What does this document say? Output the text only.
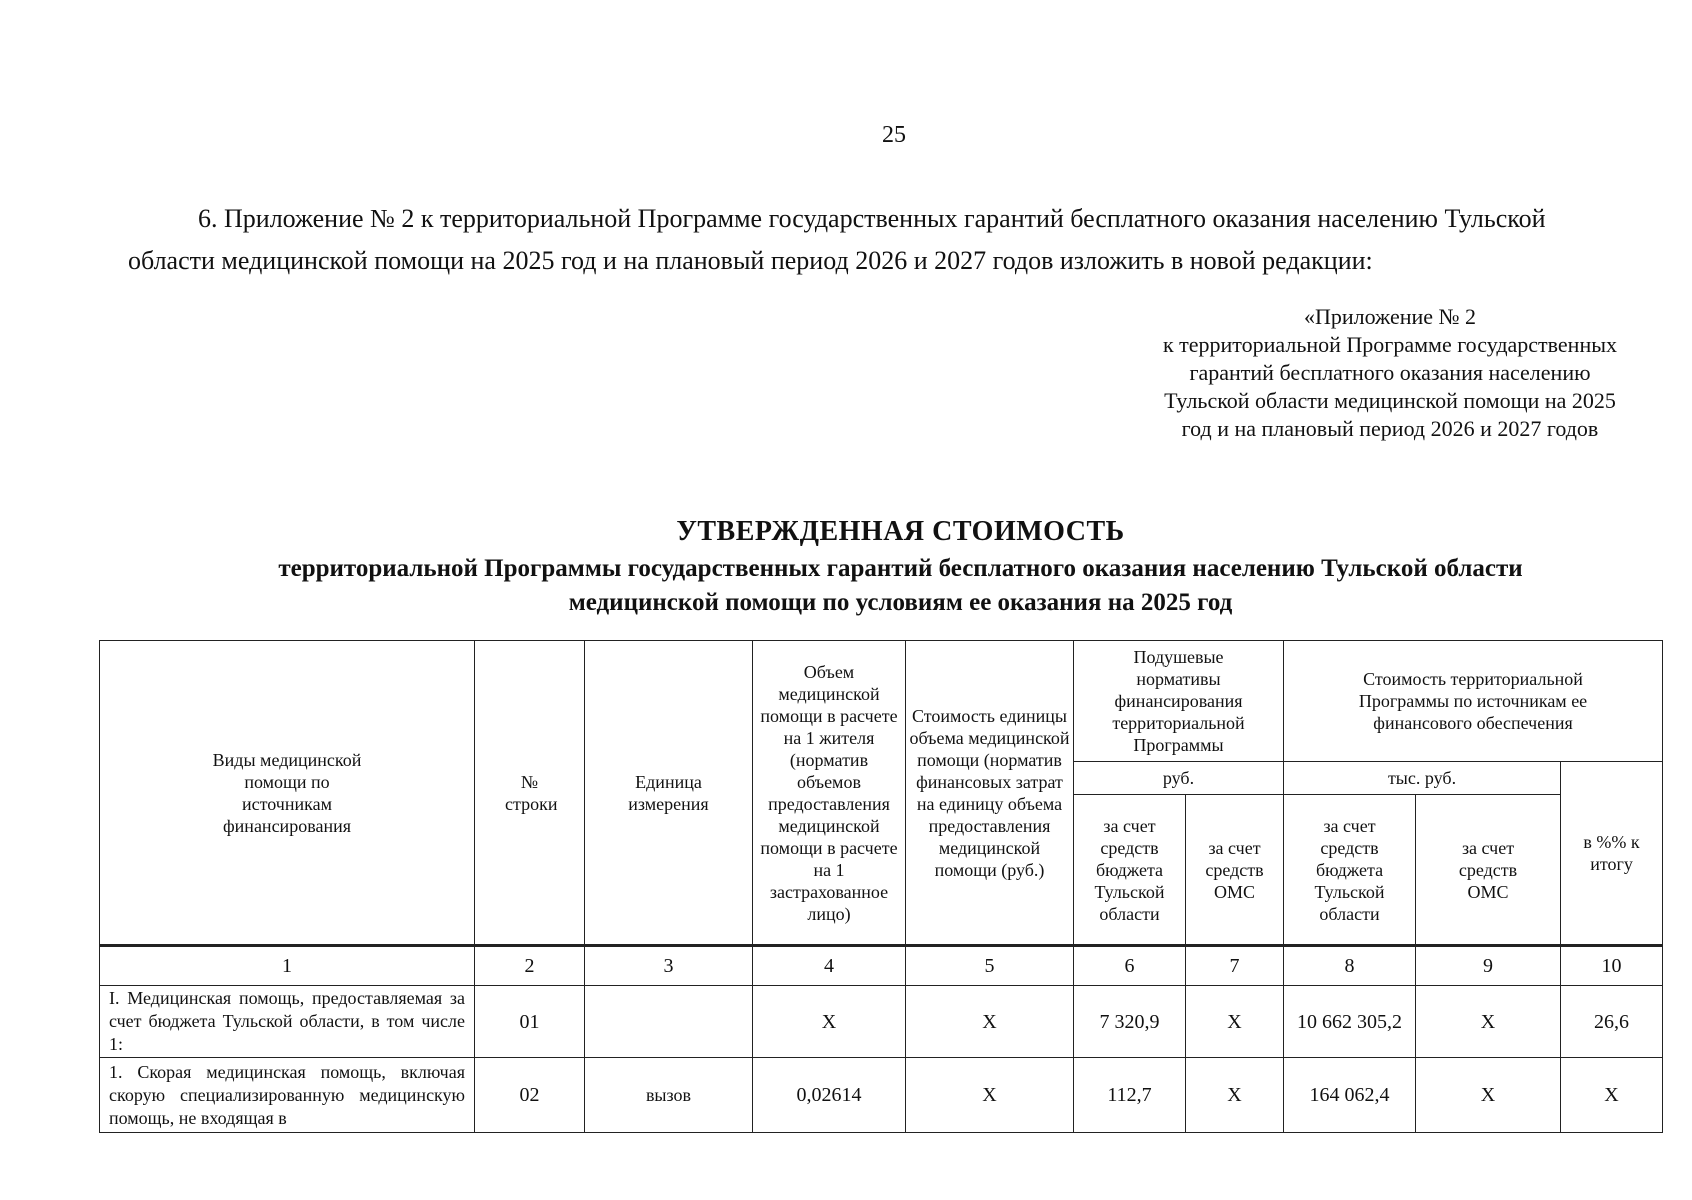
25
6. Приложение № 2 к территориальной Программе государственных гарантий бесплатного оказания населению Тульской
области медицинской помощи на 2025 год и на плановый период 2026 и 2027 годов изложить в новой редакции:
«Приложение № 2
к территориальной Программе государственных
гарантий бесплатного оказания населению
Тульской области медицинской помощи на 2025
год и на плановый период 2026 и 2027 годов
УТВЕРЖДЕННАЯ СТОИМОСТЬ
территориальной Программы государственных гарантий бесплатного оказания населению Тульской области
медицинской помощи по условиям ее оказания на 2025 год
Виды медицинской помощи по источникам финансирования	№ строки	Единица измерения	Объем медицинской помощи в расчете на 1 жителя (норматив объемов предоставления медицинской помощи в расчете на 1 застрахованное лицо)	Стоимость единицы объема медицинской помощи (норматив финансовых затрат на единицу объема предоставления медицинской помощи (руб.)	Подушевые нормативы финансирования территориальной Программы		Стоимость территориальной Программы по источникам ее финансового обеспечения		
					руб.		тыс. руб.		в %% к итогу
					за счет средств бюджета Тульской области	за счет средств ОМС	за счет средств бюджета Тульской области	за счет средств ОМС	
1	2	3	4	5	6	7	8	9	10
I. Медицинская помощь, предоставляемая за счет бюджета Тульской области, в том числе 1:	01		Х	Х	7 320,9	Х	10 662 305,2	Х	26,6
1. Скорая медицинская помощь, включая скорую специализированную медицинскую помощь, не входящая в	02	вызов	0,02614	Х	112,7	Х	164 062,4	Х	Х
